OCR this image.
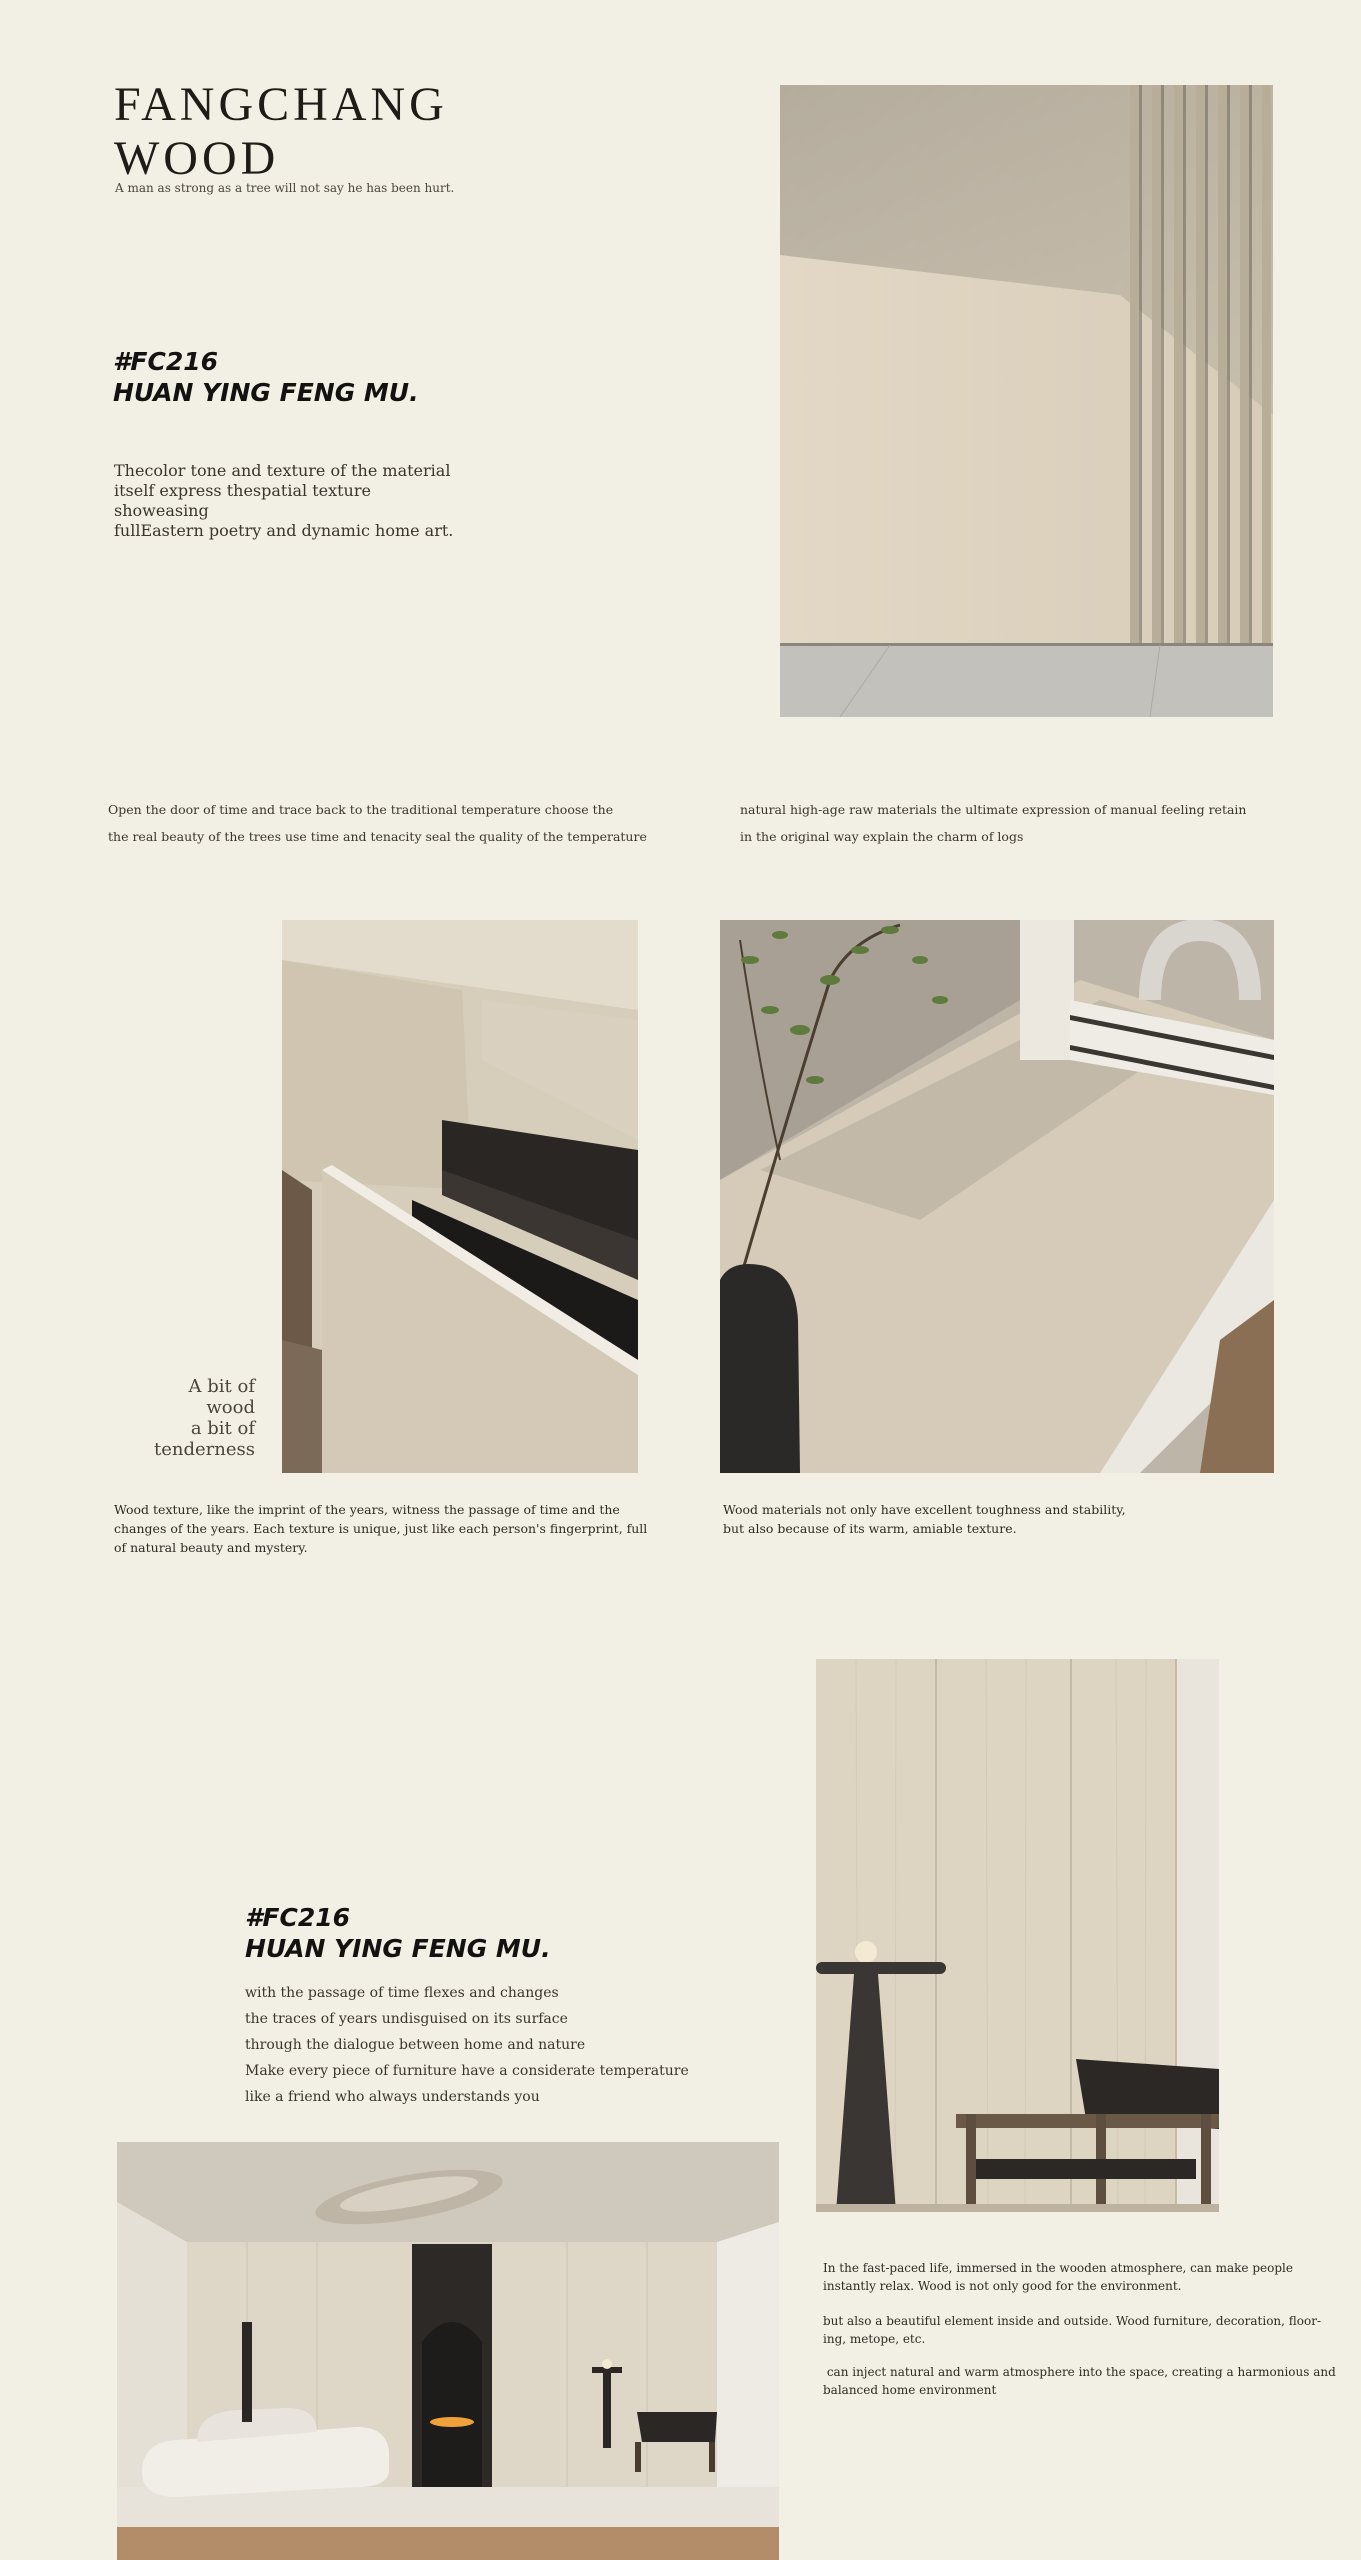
FANGCHANG
WOOD
A man as strong as a tree will not say he has been hurt.
#FC216
HUAN YING FENG MU.
Thecolor tone and texture of the material
itself express thespatial texture
showeasing
fullEastern poetry and dynamic home art.
Open the door of time and trace back to the traditional temperature choose the
the real beauty of the trees use time and tenacity seal the quality of the temperature
natural high-age raw materials the ultimate expression of manual feeling retain
in the original way explain the charm of logs
A bit of
wood
a bit of
tenderness
Wood texture, like the imprint of the years, witness the passage of time and the
changes of the years. Each texture is unique, just like each person's fingerprint, full
of natural beauty and mystery.
Wood materials not only have excellent toughness and stability,
but also because of its warm, amiable texture.
#FC216
HUAN YING FENG MU.
with the passage of time flexes and changes
the traces of years undisguised on its surface
through the dialogue between home and nature
Make every piece of furniture have a considerate temperature
like a friend who always understands you
In the fast-paced life, immersed in the wooden atmosphere, can make people
instantly relax. Wood is not only good for the environment.
but also a beautiful element inside and outside. Wood furniture, decoration, floor-
ing, metope, etc.
can inject natural and warm atmosphere into the space, creating a harmonious and
balanced home environment
